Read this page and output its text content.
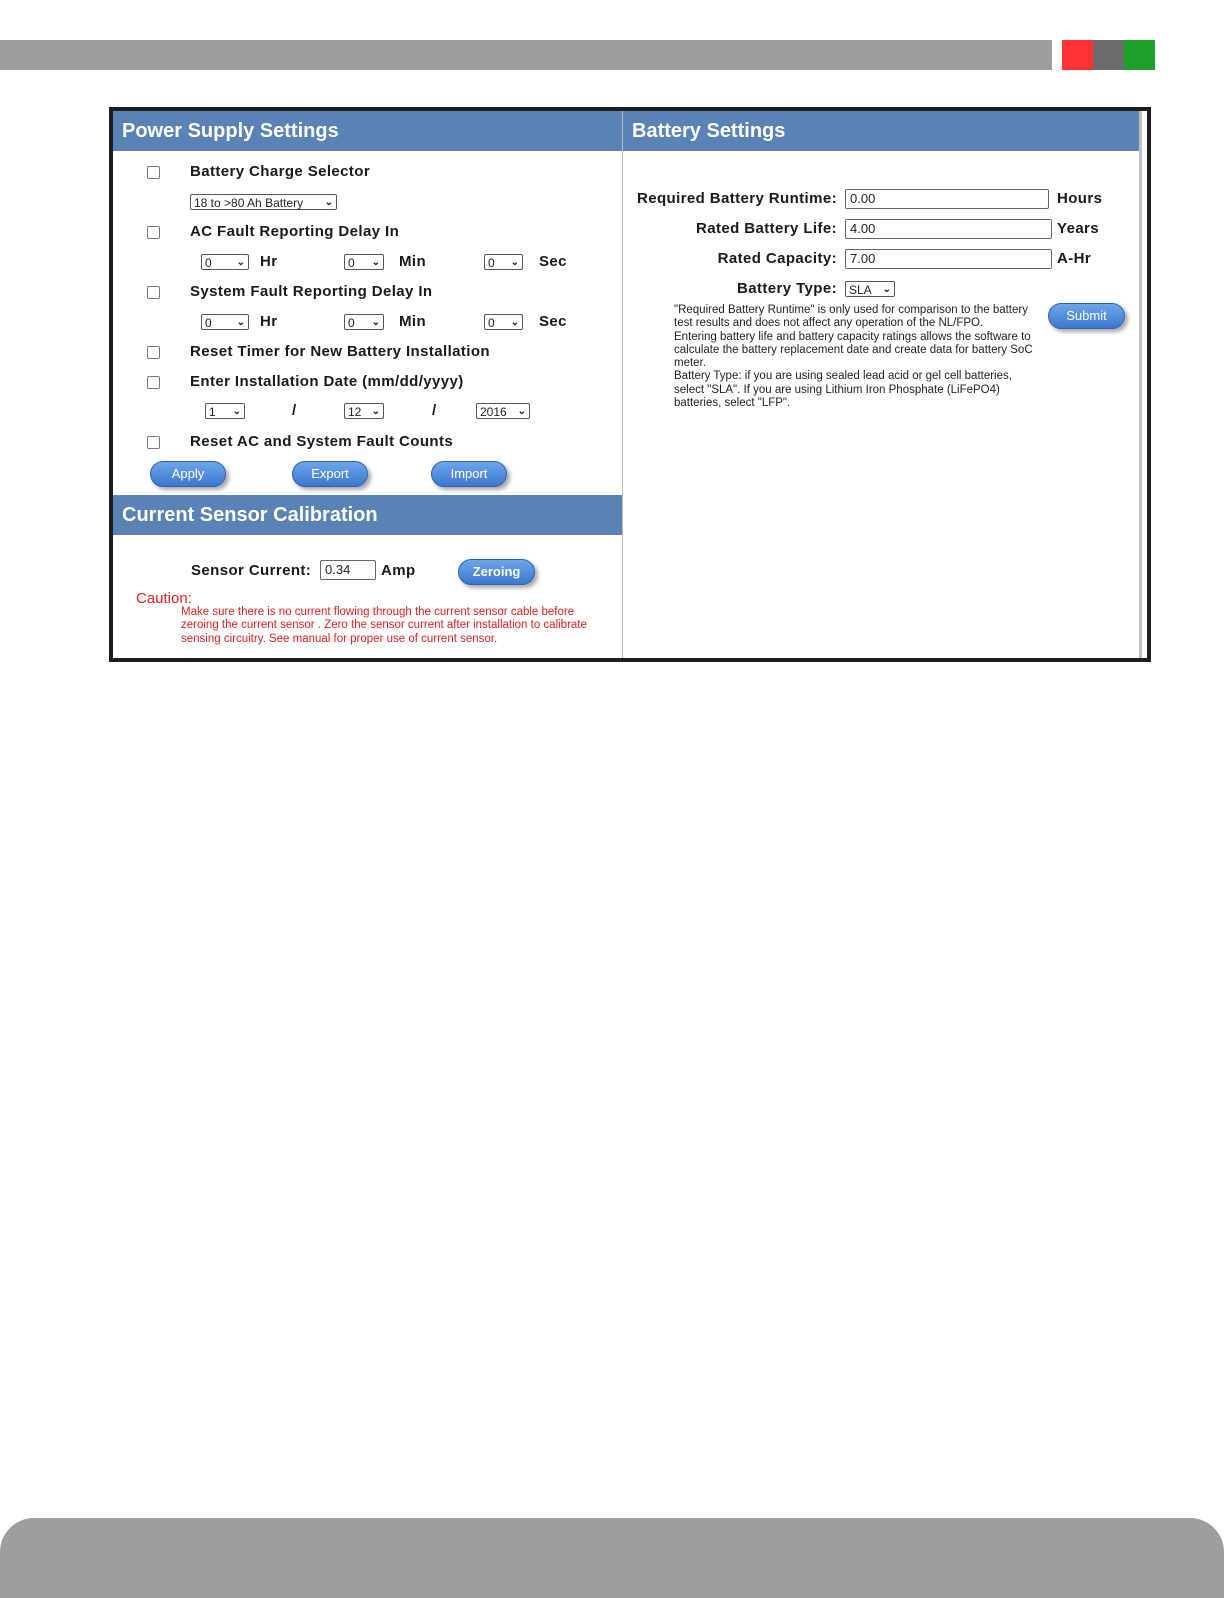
Power Supply Settings
Battery Charge Selector
18 to >80 Ah Battery ⌄
AC Fault Reporting Delay In
0 ⌄ Hr	0 ⌄ Min	0 ⌄ Sec
System Fault Reporting Delay In
0 ⌄ Hr	0 ⌄ Min	0 ⌄ Sec
Reset Timer for New Battery Installation
Enter Installation Date (mm/dd/yyyy)
1 ⌄	/	12 ⌄	/	2016 ⌄
Reset AC and System Fault Counts
Apply	Export	Import
Current Sensor Calibration
Sensor Current:	0.34	Amp	Zeroing
Caution:
Make sure there is no current flowing through the current sensor cable before
zeroing the current sensor . Zero the sensor current after installation to calibrate
sensing circuitry. See manual for proper use of current sensor.
Battery Settings
Required Battery Runtime:	0.00	Hours
Rated Battery Life:	4.00	Years
Rated Capacity:	7.00	A-Hr
Battery Type:	SLA ⌄
"Required Battery Runtime" is only used for comparison to the battery
test results and does not affect any operation of the NL/FPO.
Entering battery life and battery capacity ratings allows the software to
calculate the battery replacement date and create data for battery SoC
meter.
Battery Type: if you are using sealed lead acid or gel cell batteries,
select "SLA". If you are using Lithium Iron Phosphate (LiFePO4)
batteries, select "LFP".
Submit
